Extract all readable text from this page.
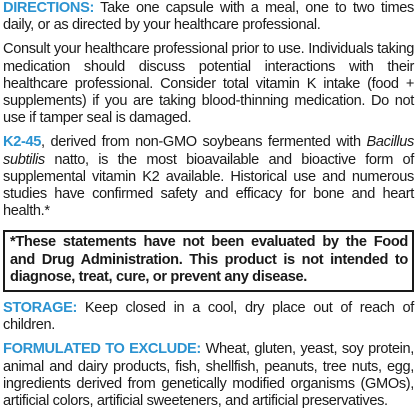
DIRECTIONS: Take one capsule with a meal, one to two times daily, or as directed by your healthcare professional.

Consult your healthcare professional prior to use. Individuals taking medication should discuss potential interactions with their healthcare professional. Consider total vitamin K intake (food + supplements) if you are taking blood-thinning medication. Do not use if tamper seal is damaged.

K2-45, derived from non-GMO soybeans fermented with Bacillus subtilis natto, is the most bioavailable and bioactive form of supplemental vitamin K2 available. Historical use and numerous studies have confirmed safety and efficacy for bone and heart health.*

*These statements have not been evaluated by the Food and Drug Administration. This product is not intended to diagnose, treat, cure, or prevent any disease.

STORAGE: Keep closed in a cool, dry place out of reach of children.

FORMULATED TO EXCLUDE: Wheat, gluten, yeast, soy protein, animal and dairy products, fish, shellfish, peanuts, tree nuts, egg, ingredients derived from genetically modified organisms (GMOs), artificial colors, artificial sweeteners, and artificial preservatives.
